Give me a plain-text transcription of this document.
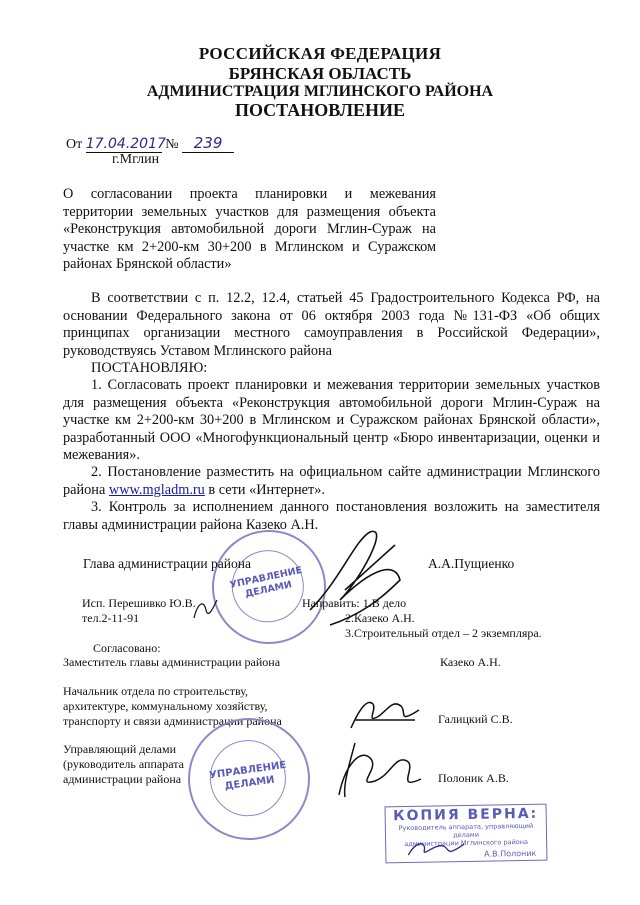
РОССИЙСКАЯ ФЕДЕРАЦИЯ
БРЯНСКАЯ ОБЛАСТЬ
АДМИНИСТРАЦИЯ МГЛИНСКОГО РАЙОНА
ПОСТАНОВЛЕНИЕ
От 17.04.2017 № 239
г.Мглин
О согласовании проекта планировки и межевания территории земельных участков для размещения объекта «Реконструкция автомобильной дороги Мглин-Сураж на участке км 2+200-км 30+200 в Мглинском и Суражском районах Брянской области»
В соответствии с п. 12.2, 12.4, статьей 45 Градостроительного Кодекса РФ, на основании Федерального закона от 06 октября 2003 года №131-ФЗ «Об общих принципах организации местного самоуправления в Российской Федерации», руководствуясь Уставом Мглинского района
ПОСТАНОВЛЯЮ:
1. Согласовать проект планировки и межевания территории земельных участков для размещения объекта «Реконструкция автомобильной дороги Мглин-Сураж на участке км 2+200-км 30+200 в Мглинском и Суражском районах Брянской области», разработанный ООО «Многофункциональный центр «Бюро инвентаризации, оценки и межевания».
2. Постановление разместить на официальном сайте администрации Мглинского района www.mgladm.ru в сети «Интернет».
3. Контроль за исполнением данного постановления возложить на заместителя главы администрации района Казеко А.Н.
УПРАВЛЕНИЕ ДЕЛАМИ
Глава администрации района	А.А.Пущиенко
Исп. Перешивко Ю.В.
тел.2-11-91
Направить: 1.В дело
2.Казеко А.Н.
3.Строительный отдел – 2 экземпляра.
Согласовано:
Заместитель главы администрации района	Казеко А.Н.
Начальник отдела по строительству,
архитектуре, коммунальному хозяйству,
транспорту и связи администрации района	Галицкий С.В.
Управляющий делами
(руководитель аппарата
администрации района	Полоник А.В.
УПРАВЛЕНИЕ ДЕЛАМИ
КОПИЯ ВЕРНА:
Руководитель аппарата, управляющий делами
администрации Мглинского района
А.В.Полоник
